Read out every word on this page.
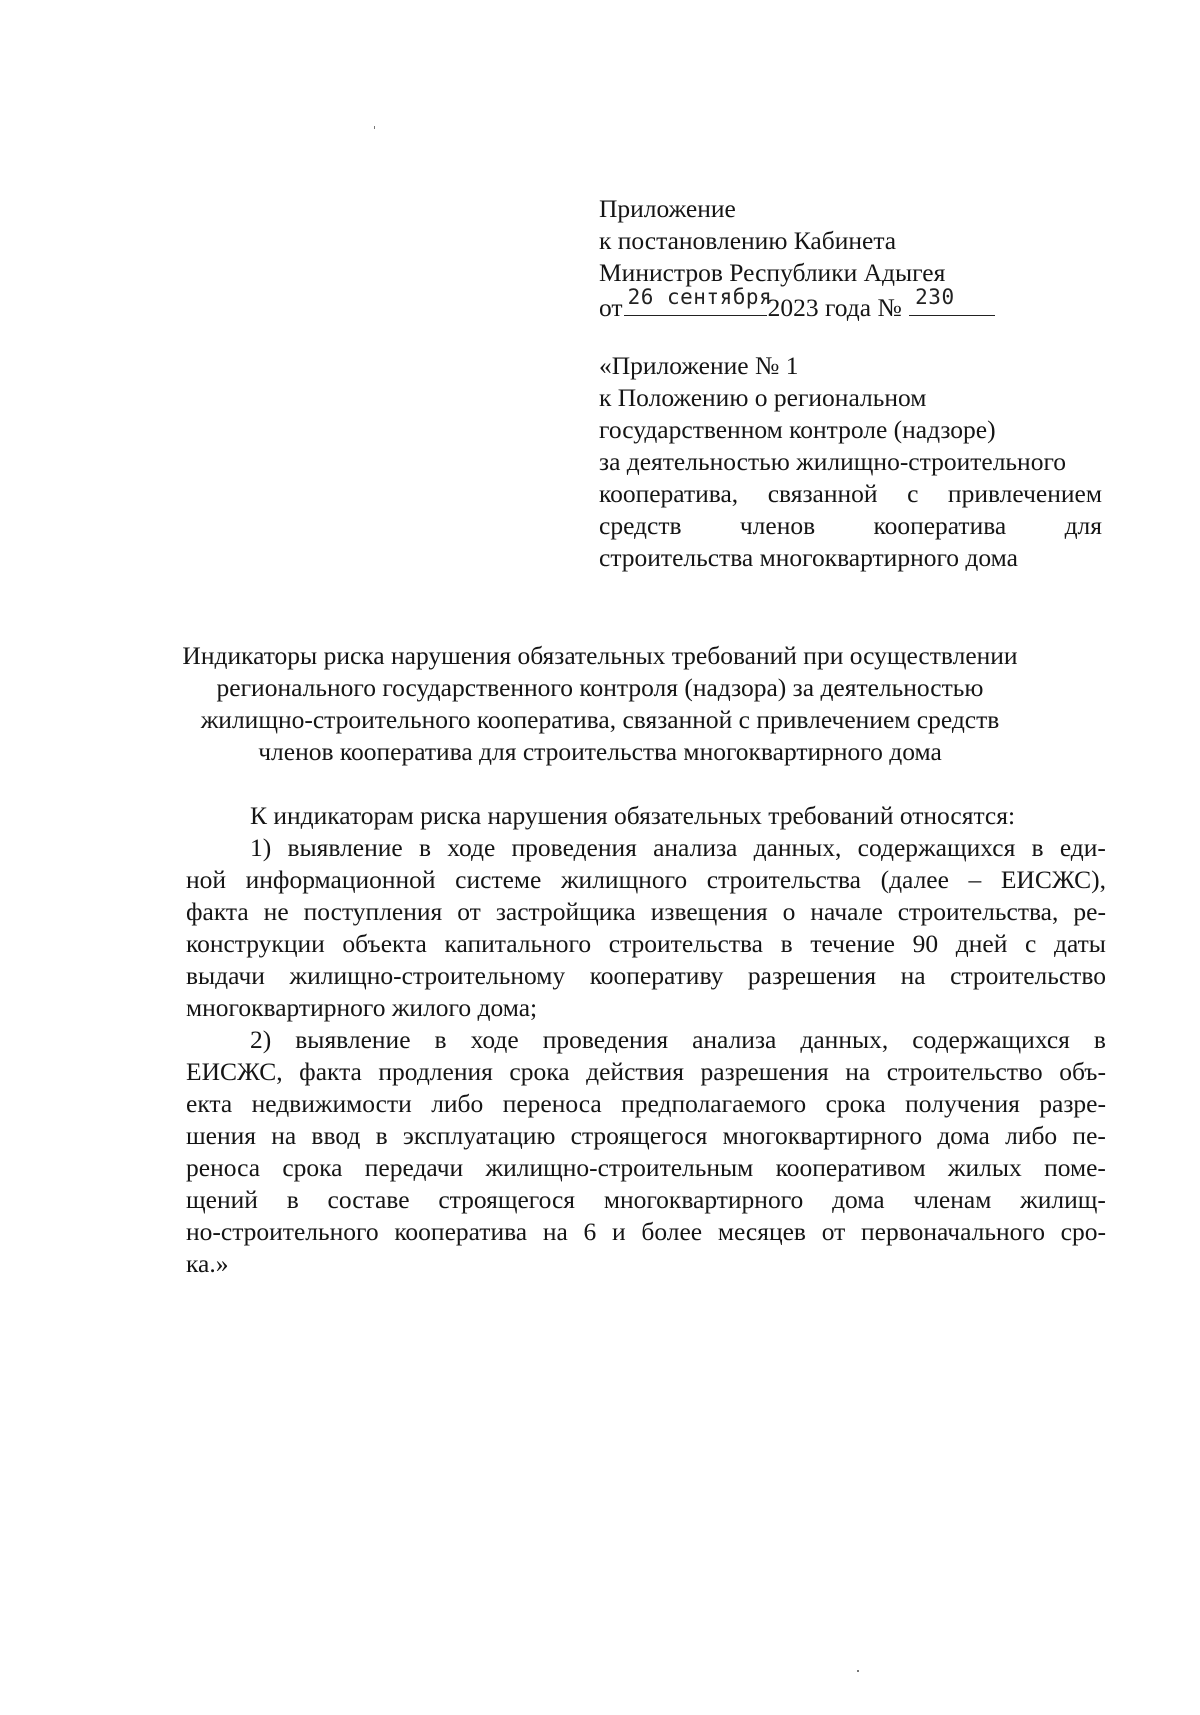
Приложение
к постановлению Кабинета
Министров Республики Адыгея
от 26 сентября
2023 года № 230
«Приложение № 1
к Положению о региональном
государственном контроле (надзоре)
за деятельностью жилищно-строительного
кооператива, связанной с привлечением
средств членов кооператива для
строительства многоквартирного дома
Индикаторы риска нарушения обязательных требований при осуществлении
регионального государственного контроля (надзора) за деятельностью
жилищно-строительного кооператива, связанной с привлечением средств
членов кооператива для строительства многоквартирного дома
К индикаторам риска нарушения обязательных требований относятся:
1) выявление в ходе проведения анализа данных, содержащихся в еди-
ной информационной системе жилищного строительства (далее – ЕИСЖС),
факта не поступления от застройщика извещения о начале строительства, ре-
конструкции объекта капитального строительства в течение 90 дней с даты
выдачи жилищно-строительному кооперативу разрешения на строительство
многоквартирного жилого дома;
2) выявление в ходе проведения анализа данных, содержащихся в
ЕИСЖС, факта продления срока действия разрешения на строительство объ-
екта недвижимости либо переноса предполагаемого срока получения разре-
шения на ввод в эксплуатацию строящегося многоквартирного дома либо пе-
реноса срока передачи жилищно-строительным кооперативом жилых поме-
щений в составе строящегося многоквартирного дома членам жилищ-
но-строительного кооператива на 6 и более месяцев от первоначального сро-
ка.»
